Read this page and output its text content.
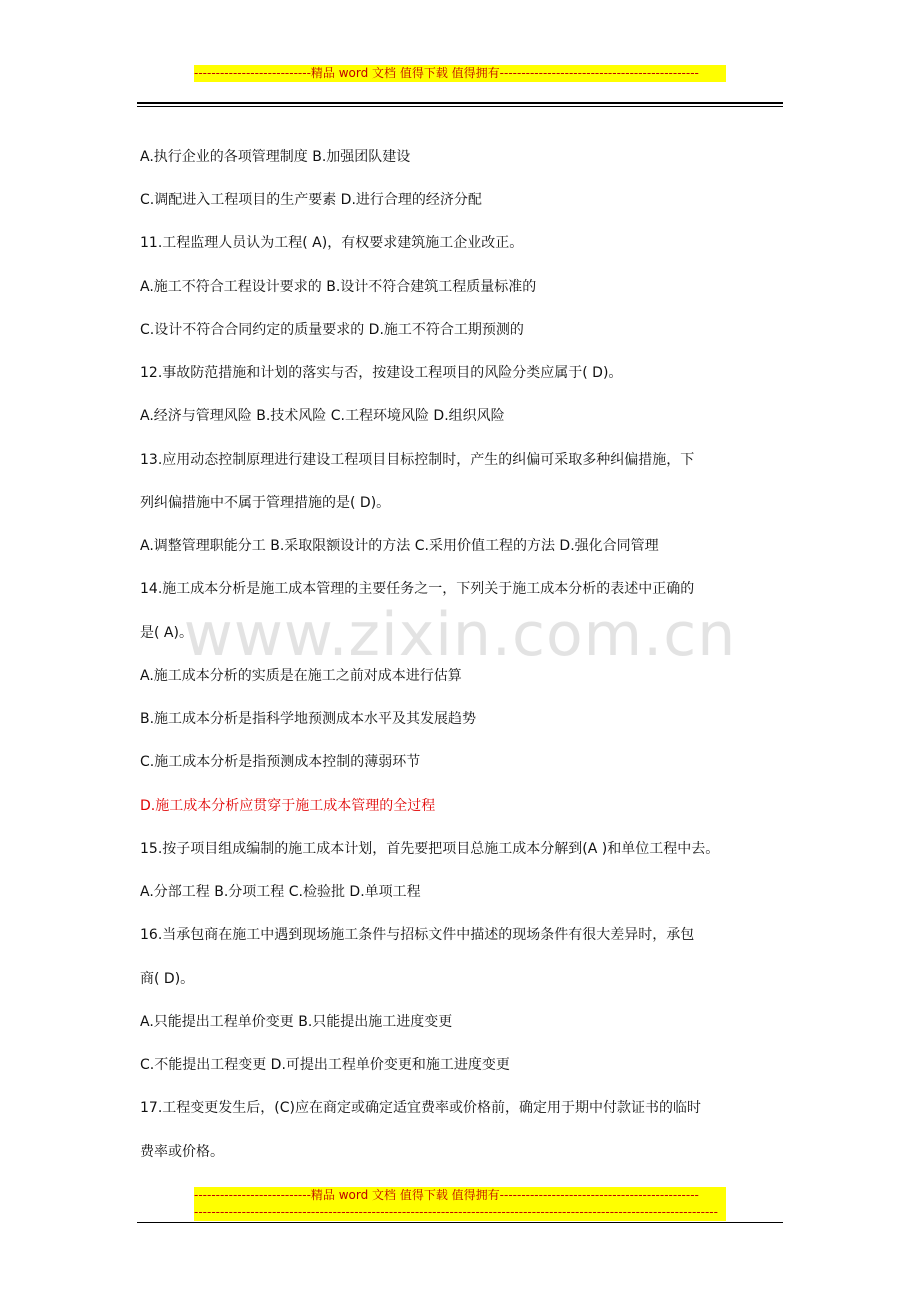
---------------------------精品 word 文档 值得下载 值得拥有----------------------------------------------
www.zixin.com.cn
A.执行企业的各项管理制度 B.加强团队建设
C.调配进入工程项目的生产要素 D.进行合理的经济分配
11.工程监理人员认为工程( A)，有权要求建筑施工企业改正。
A.施工不符合工程设计要求的 B.设计不符合建筑工程质量标准的
C.设计不符合合同约定的质量要求的 D.施工不符合工期预测的
12.事故防范措施和计划的落实与否，按建设工程项目的风险分类应属于( D)。
A.经济与管理风险 B.技术风险 C.工程环境风险 D.组织风险
13.应用动态控制原理进行建设工程项目目标控制时，产生的纠偏可采取多种纠偏措施，下
列纠偏措施中不属于管理措施的是( D)。
A.调整管理职能分工 B.采取限额设计的方法 C.采用价值工程的方法 D.强化合同管理
14.施工成本分析是施工成本管理的主要任务之一，下列关于施工成本分析的表述中正确的
是( A)。
A.施工成本分析的实质是在施工之前对成本进行估算
B.施工成本分析是指科学地预测成本水平及其发展趋势
C.施工成本分析是指预测成本控制的薄弱环节
D.施工成本分析应贯穿于施工成本管理的全过程
15.按子项目组成编制的施工成本计划，首先要把项目总施工成本分解到(A )和单位工程中去。
A.分部工程 B.分项工程 C.检验批 D.单项工程
16.当承包商在施工中遇到现场施工条件与招标文件中描述的现场条件有很大差异时，承包
商( D)。
A.只能提出工程单价变更 B.只能提出施工进度变更
C.不能提出工程变更 D.可提出工程单价变更和施工进度变更
17.工程变更发生后，(C)应在商定或确定适宜费率或价格前，确定用于期中付款证书的临时
费率或价格。
---------------------------精品 word 文档 值得下载 值得拥有----------------------------------------------
-------------------------------------------------------------------------------------------------------------------------
